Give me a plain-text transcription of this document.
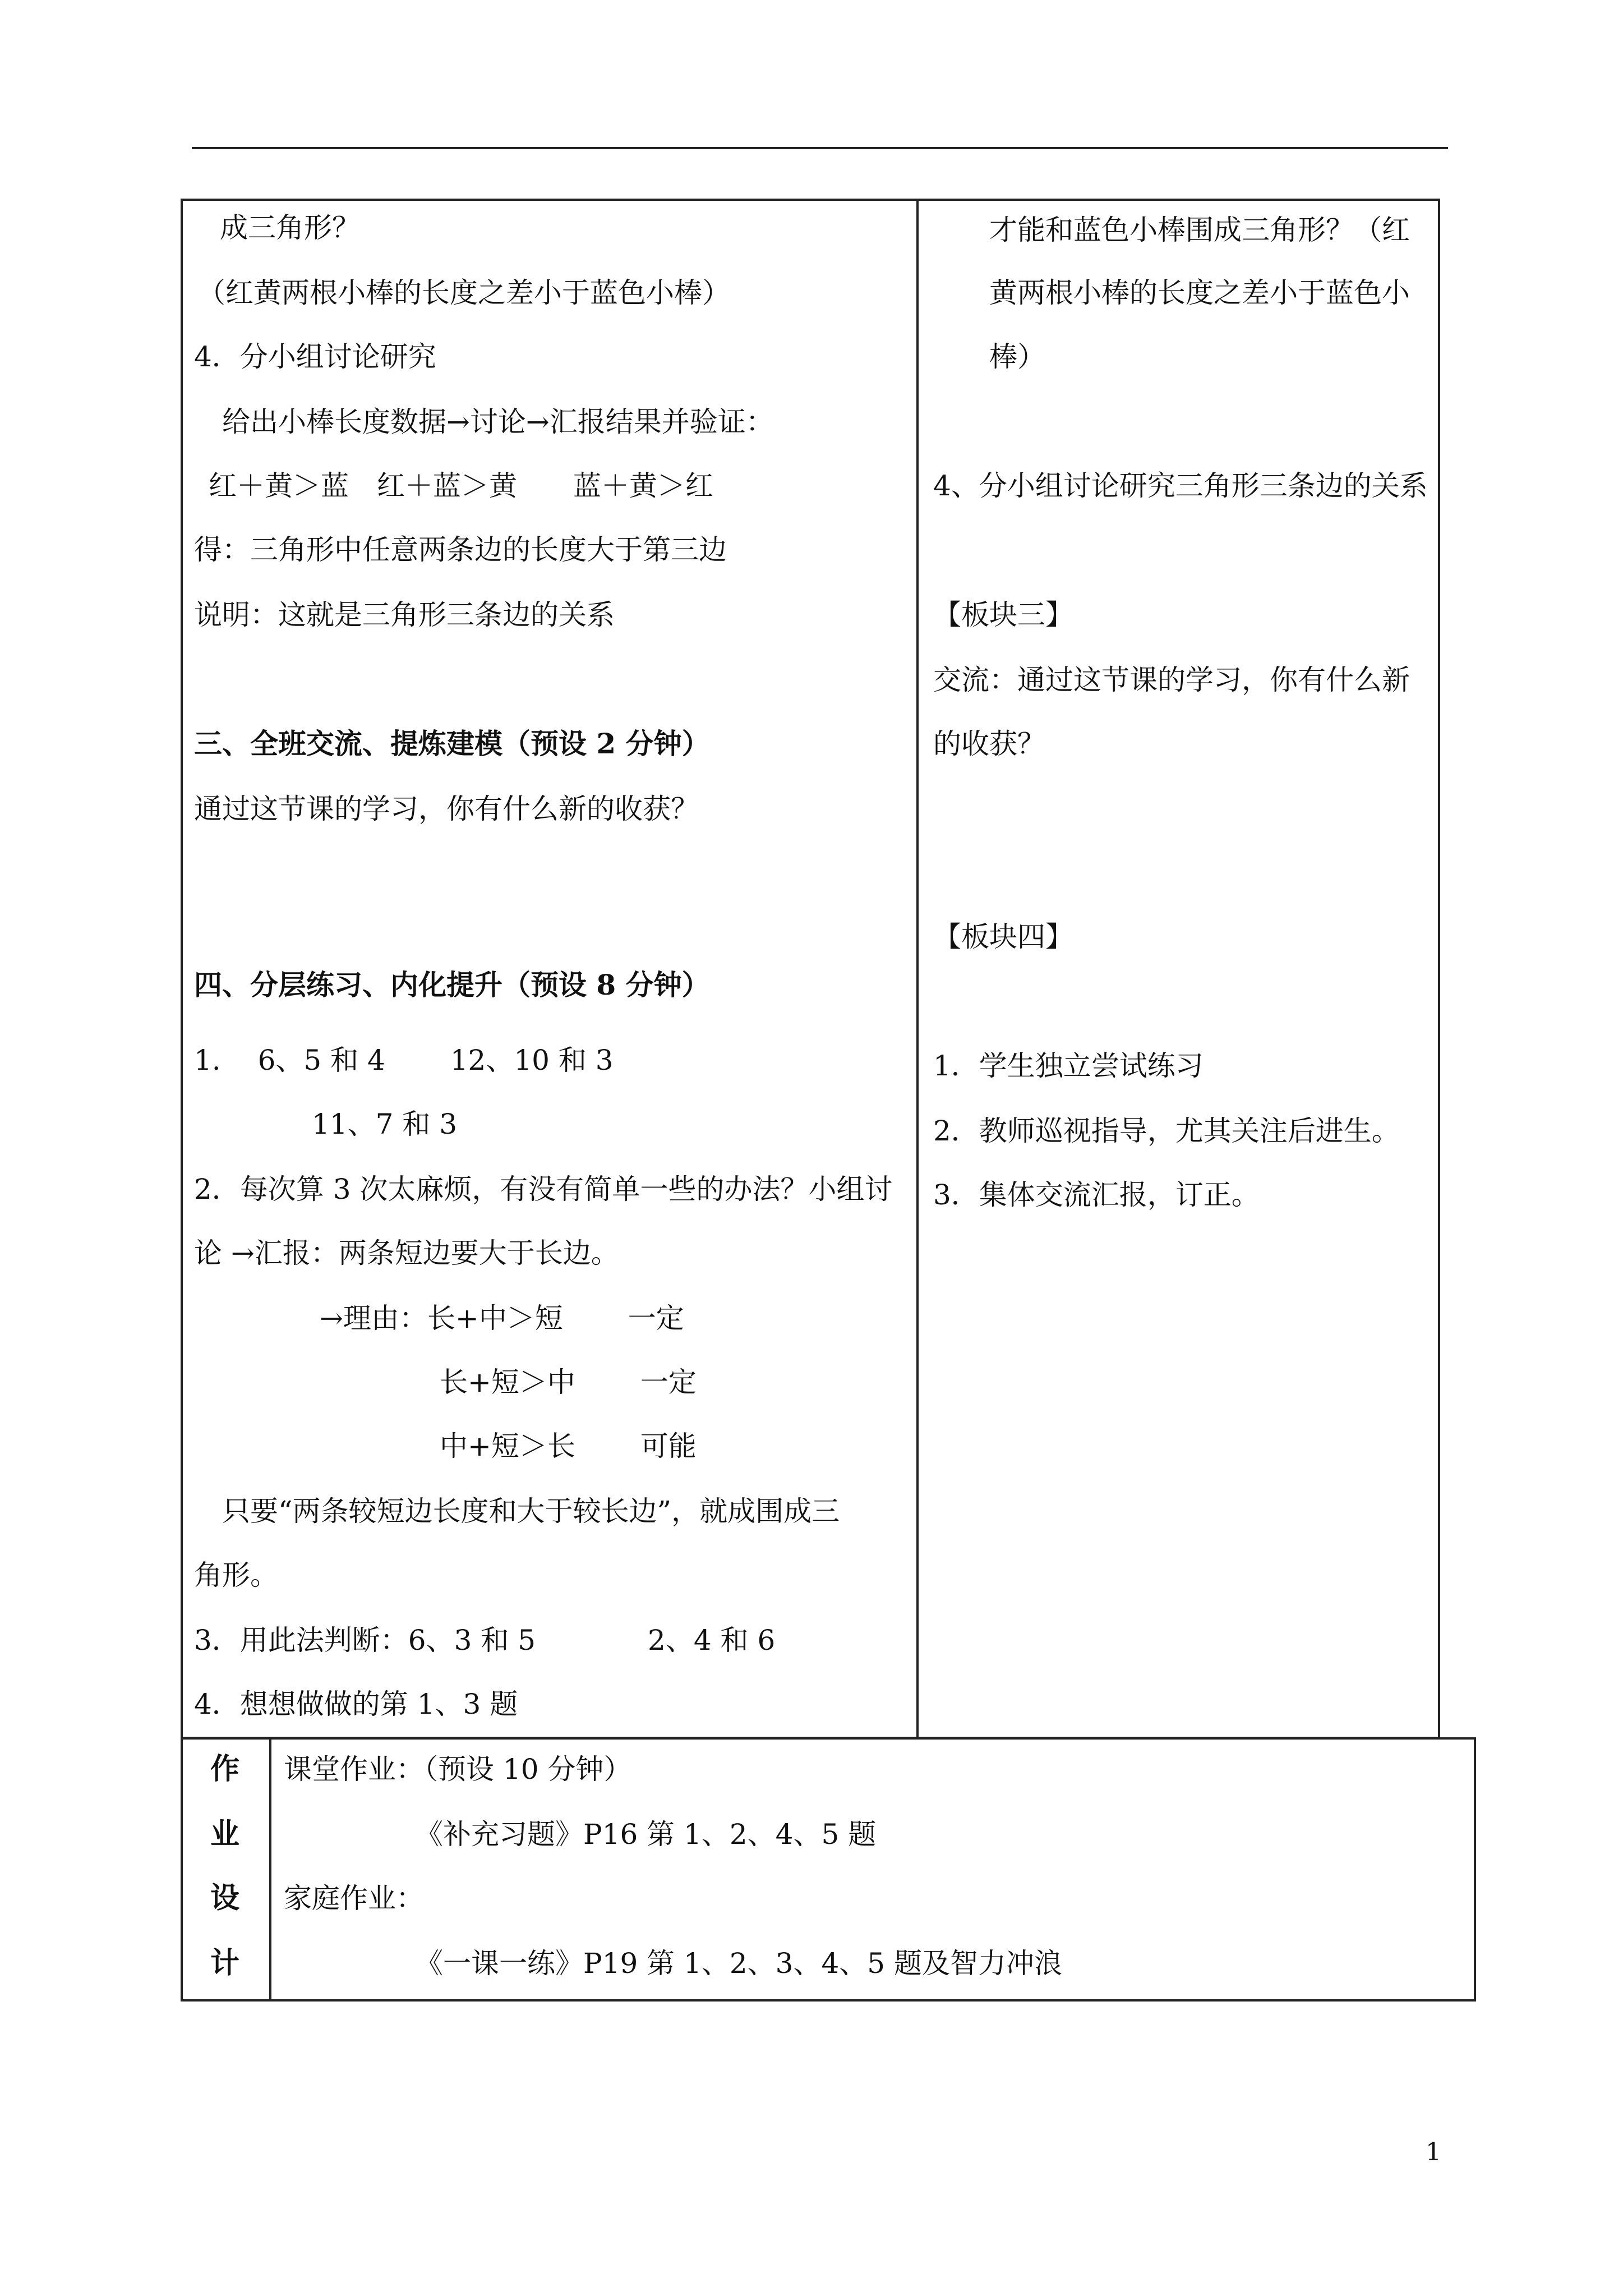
成三角形？
（红黄两根小棒的长度之差小于蓝色小棒）
4．分小组讨论研究
给出小棒长度数据→讨论→汇报结果并验证：
红＋黄＞蓝　红＋蓝＞黄　　蓝＋黄＞红
得：三角形中任意两条边的长度大于第三边
说明：这就是三角形三条边的关系
三、全班交流、提炼建模（预设 2 分钟）
通过这节课的学习，你有什么新的收获？
四、分层练习、内化提升（预设 8 分钟）
1.　 6、5 和 4　　 12、10 和 3
11、7 和 3
2．每次算 3 次太麻烦，有没有简单一些的办法？小组讨
论 →汇报：两条短边要大于长边。
→理由：长+中＞短　　 一定
长+短＞中　　 一定
中+短＞长　　 可能
只要“两条较短边长度和大于较长边”，就成围成三
角形。
3．用此法判断：6、3 和 5　　　　2、4 和 6
4．想想做做的第 1、3 题
才能和蓝色小棒围成三角形？（红
黄两根小棒的长度之差小于蓝色小
棒）
4、分小组讨论研究三角形三条边的关系
【板块三】
交流：通过这节课的学习，你有什么新
的收获？
【板块四】
1．学生独立尝试练习
2．教师巡视指导，尤其关注后进生。
3．集体交流汇报，订正。
作
业
设
计
课堂作业：（预设 10 分钟）
《补充习题》P16 第 1、2、4、5 题
家庭作业：
《一课一练》P19 第 1、2、3、4、5 题及智力冲浪
1
